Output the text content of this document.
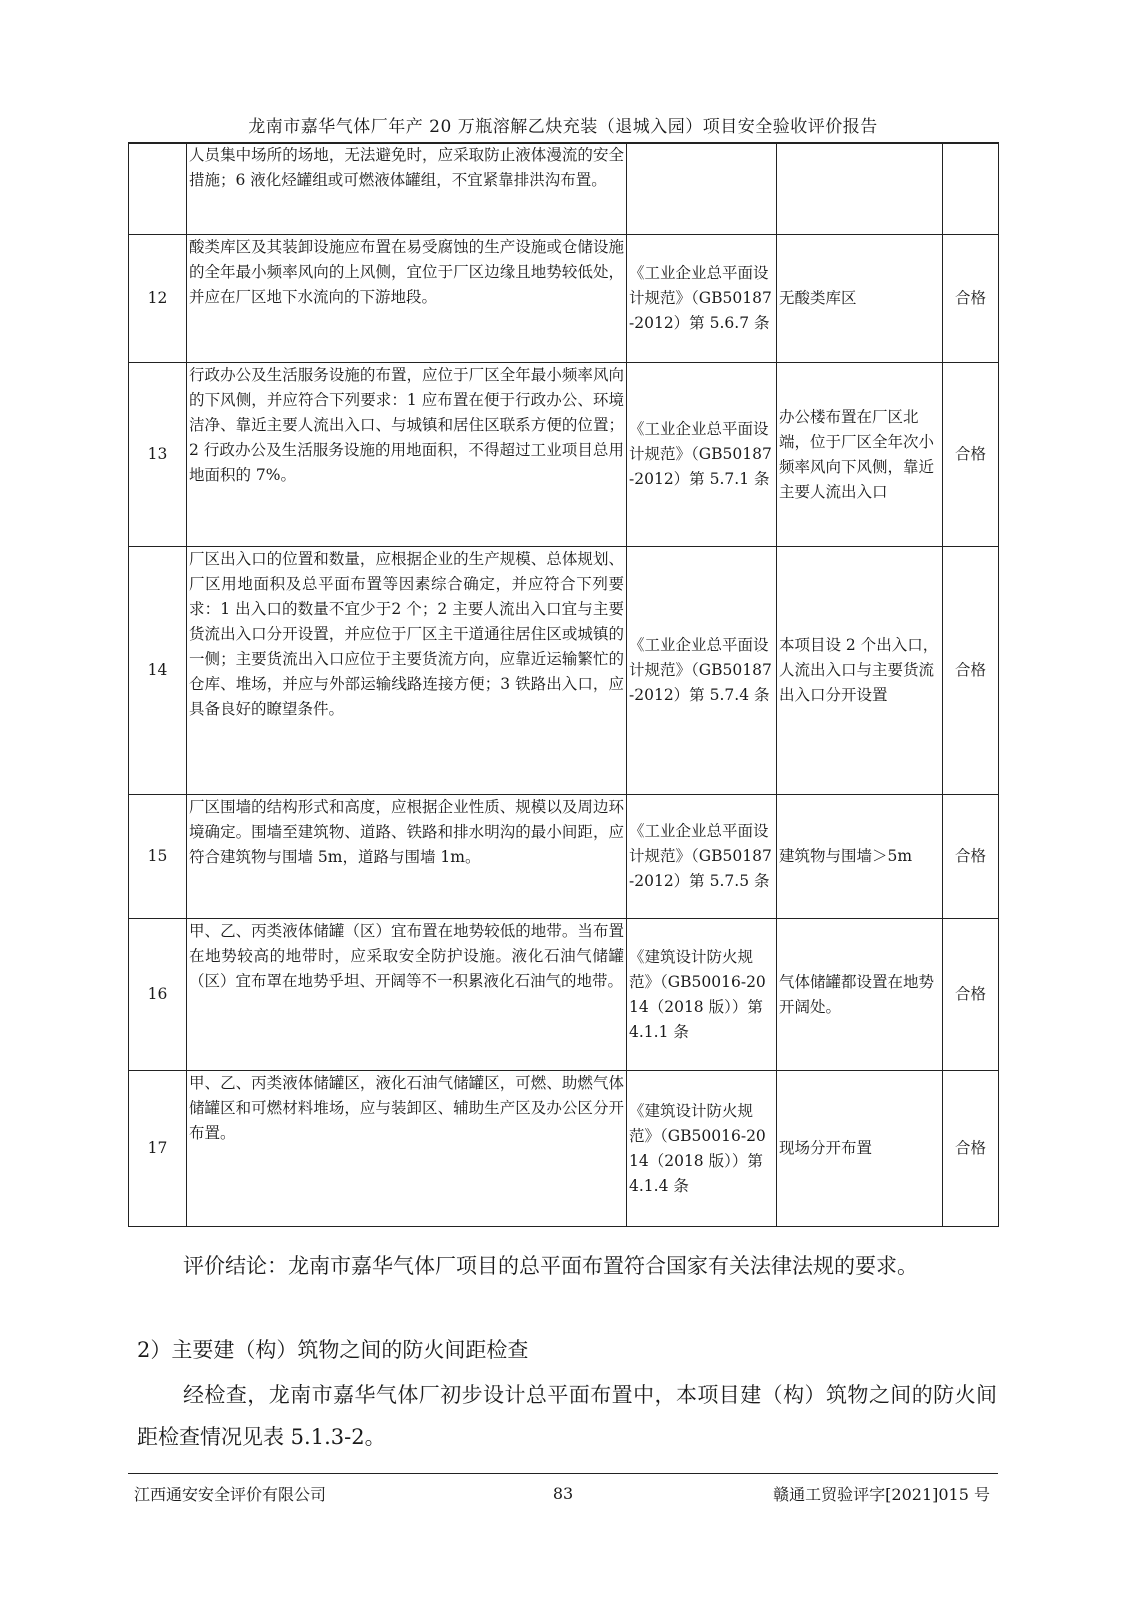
龙南市嘉华气体厂年产 20 万瓶溶解乙炔充装（退城入园）项目安全验收评价报告
	人员集中场所的场地，无法避免时，应采取防止液体漫流的安全措施；6 液化烃罐组或可燃液体罐组，不宜紧靠排洪沟布置。			
12	酸类库区及其装卸设施应布置在易受腐蚀的生产设施或仓储设施的全年最小频率风向的上风侧，宜位于厂区边缘且地势较低处，并应在厂区地下水流向的下游地段。	《工业企业总平面设计规范》（GB50187-2012）第 5.6.7 条	无酸类库区	合格
13	行政办公及生活服务设施的布置，应位于厂区全年最小频率风向的下风侧，并应符合下列要求：1 应布置在便于行政办公、环境洁净、靠近主要人流出入口、与城镇和居住区联系方便的位置；2 行政办公及生活服务设施的用地面积，不得超过工业项目总用地面积的 7%。	《工业企业总平面设计规范》（GB50187-2012）第 5.7.1 条	办公楼布置在厂区北端，位于厂区全年次小频率风向下风侧，靠近主要人流出入口	合格
14	厂区出入口的位置和数量，应根据企业的生产规模、总体规划、厂区用地面积及总平面布置等因素综合确定，并应符合下列要求：1 出入口的数量不宜少于2 个；2 主要人流出入口宜与主要货流出入口分开设置，并应位于厂区主干道通往居住区或城镇的一侧；主要货流出入口应位于主要货流方向，应靠近运输繁忙的仓库、堆场，并应与外部运输线路连接方便；3 铁路出入口，应具备良好的瞭望条件。	《工业企业总平面设计规范》（GB50187-2012）第 5.7.4 条	本项目设 2 个出入口，人流出入口与主要货流出入口分开设置	合格
15	厂区围墙的结构形式和高度，应根据企业性质、规模以及周边环境确定。围墙至建筑物、道路、铁路和排水明沟的最小间距，应符合建筑物与围墙 5m，道路与围墙 1m。	《工业企业总平面设计规范》（GB50187-2012）第 5.7.5 条	建筑物与围墙＞5m	合格
16	甲、乙、丙类液体储罐（区）宜布置在地势较低的地带。当布置在地势较高的地带时，应采取安全防护设施。液化石油气储罐（区）宜布罩在地势乎坦、开阔等不一积累液化石油气的地带。	《建筑设计防火规范》（GB50016-2014（2018 版））第4.1.1 条	气体储罐都设置在地势开阔处。	合格
17	甲、乙、丙类液体储罐区，液化石油气储罐区，可燃、助燃气体储罐区和可燃材料堆场，应与装卸区、辅助生产区及办公区分开布置。	《建筑设计防火规范》（GB50016-2014（2018 版））第4.1.4 条	现场分开布置	合格
评价结论：龙南市嘉华气体厂项目的总平面布置符合国家有关法律法规的要求。
2）主要建（构）筑物之间的防火间距检查
经检查，龙南市嘉华气体厂初步设计总平面布置中，本项目建（构）筑物之间的防火间距检查情况见表 5.1.3-2。
江西通安安全评价有限公司	83	赣通工贸验评字[2021]015 号
